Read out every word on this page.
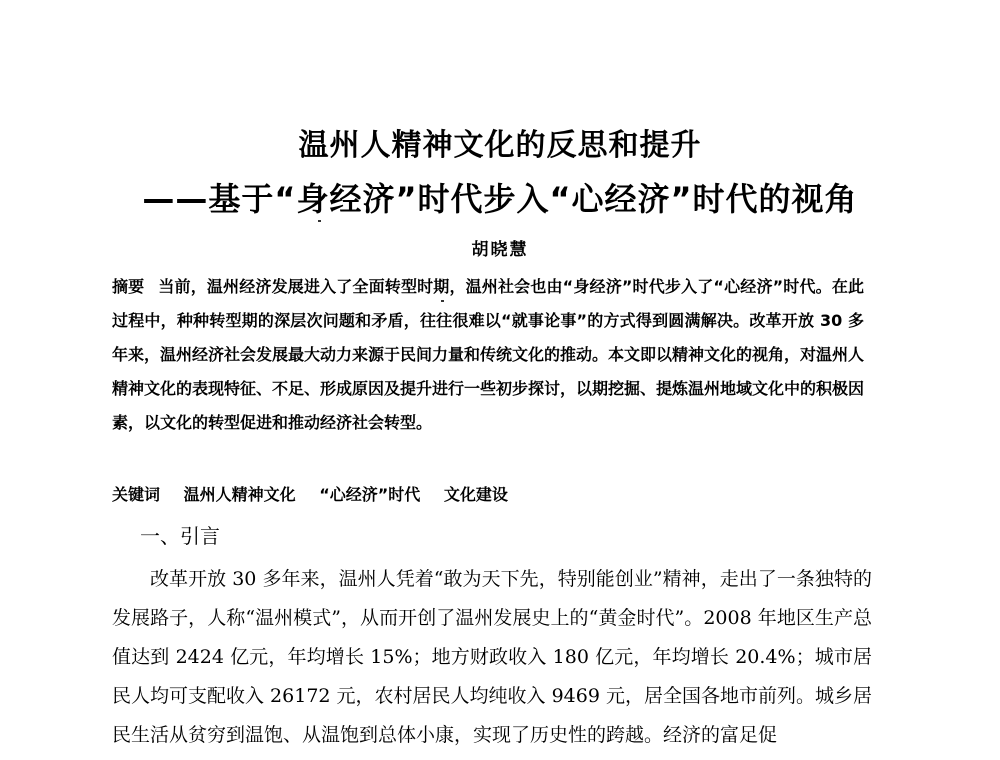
温州人精神文化的反思和提升
——基于“身经济”时代步入“心经济”时代的视角
胡晓慧
摘要 当前，温州经济发展进入了全面转型时期，温州社会也由“身经济”时代步入了“心经济”时代。在此过程中，种种转型期的深层次问题和矛盾，往往很难以“就事论事”的方式得到圆满解决。改革开放 30 多年来，温州经济社会发展最大动力来源于民间力量和传统文化的推动。本文即以精神文化的视角，对温州人精神文化的表现特征、不足、形成原因及提升进行一些初步探讨，以期挖掘、提炼温州地域文化中的积极因素，以文化的转型促进和推动经济社会转型。
关键词 温州人精神文化 “心经济”时代 文化建设
一、引言
改革开放 30 多年来，温州人凭着“敢为天下先，特别能创业”精神，走出了一条独特的发展路子，人称“温州模式”，从而开创了温州发展史上的“黄金时代”。2008 年地区生产总值达到 2424 亿元，年均增长 15%；地方财政收入 180 亿元，年均增长 20.4%；城市居民人均可支配收入 26172 元，农村居民人均纯收入 9469 元，居全国各地市前列。城乡居民生活从贫穷到温饱、从温饱到总体小康，实现了历史性的跨越。经济的富足促
